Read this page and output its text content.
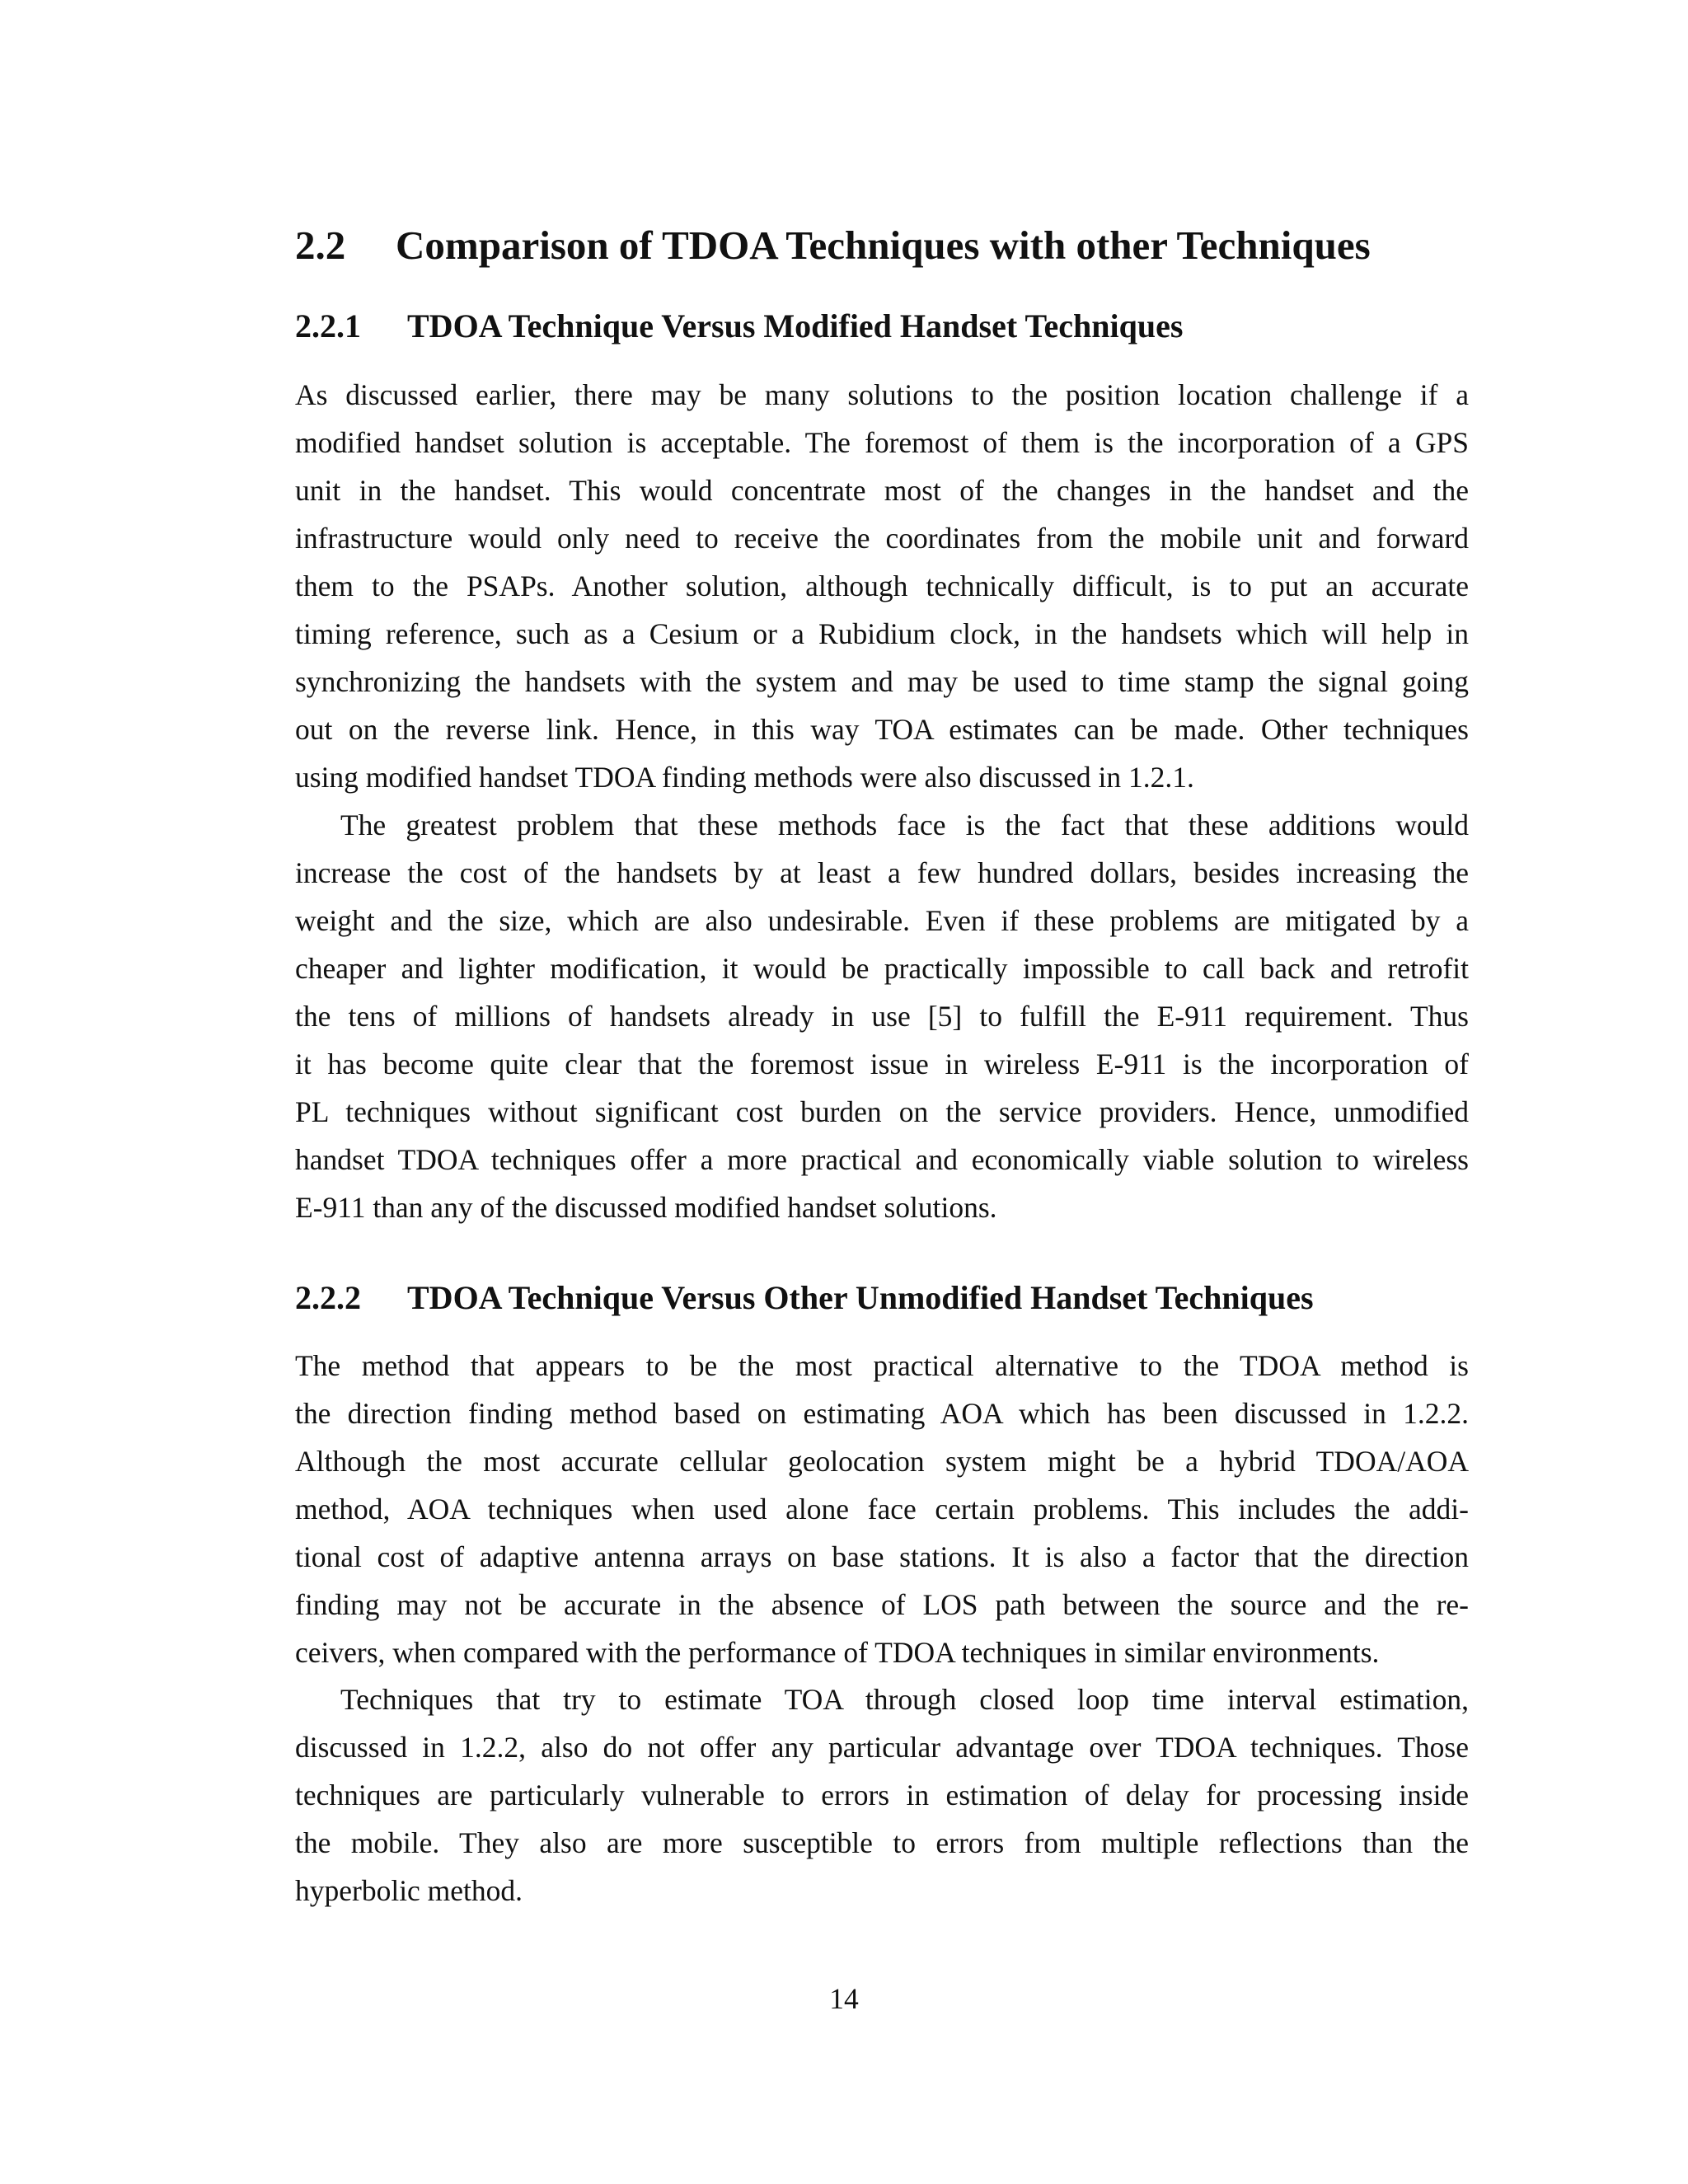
2.2 Comparison of TDOA Techniques with other Techniques
2.2.1 TDOA Technique Versus Modified Handset Techniques
As discussed earlier, there may be many solutions to the position location challenge if a
modified handset solution is acceptable. The foremost of them is the incorporation of a GPS
unit in the handset. This would concentrate most of the changes in the handset and the
infrastructure would only need to receive the coordinates from the mobile unit and forward
them to the PSAPs. Another solution, although technically difficult, is to put an accurate
timing reference, such as a Cesium or a Rubidium clock, in the handsets which will help in
synchronizing the handsets with the system and may be used to time stamp the signal going
out on the reverse link. Hence, in this way TOA estimates can be made. Other techniques
using modified handset TDOA finding methods were also discussed in 1.2.1.
The greatest problem that these methods face is the fact that these additions would
increase the cost of the handsets by at least a few hundred dollars, besides increasing the
weight and the size, which are also undesirable. Even if these problems are mitigated by a
cheaper and lighter modification, it would be practically impossible to call back and retrofit
the tens of millions of handsets already in use [5] to fulfill the E-911 requirement. Thus
it has become quite clear that the foremost issue in wireless E-911 is the incorporation of
PL techniques without significant cost burden on the service providers. Hence, unmodified
handset TDOA techniques offer a more practical and economically viable solution to wireless
E-911 than any of the discussed modified handset solutions.
2.2.2 TDOA Technique Versus Other Unmodified Handset Techniques
The method that appears to be the most practical alternative to the TDOA method is
the direction finding method based on estimating AOA which has been discussed in 1.2.2.
Although the most accurate cellular geolocation system might be a hybrid TDOA/AOA
method, AOA techniques when used alone face certain problems. This includes the addi-
tional cost of adaptive antenna arrays on base stations. It is also a factor that the direction
finding may not be accurate in the absence of LOS path between the source and the re-
ceivers, when compared with the performance of TDOA techniques in similar environments.
Techniques that try to estimate TOA through closed loop time interval estimation,
discussed in 1.2.2, also do not offer any particular advantage over TDOA techniques. Those
techniques are particularly vulnerable to errors in estimation of delay for processing inside
the mobile. They also are more susceptible to errors from multiple reflections than the
hyperbolic method.
14
